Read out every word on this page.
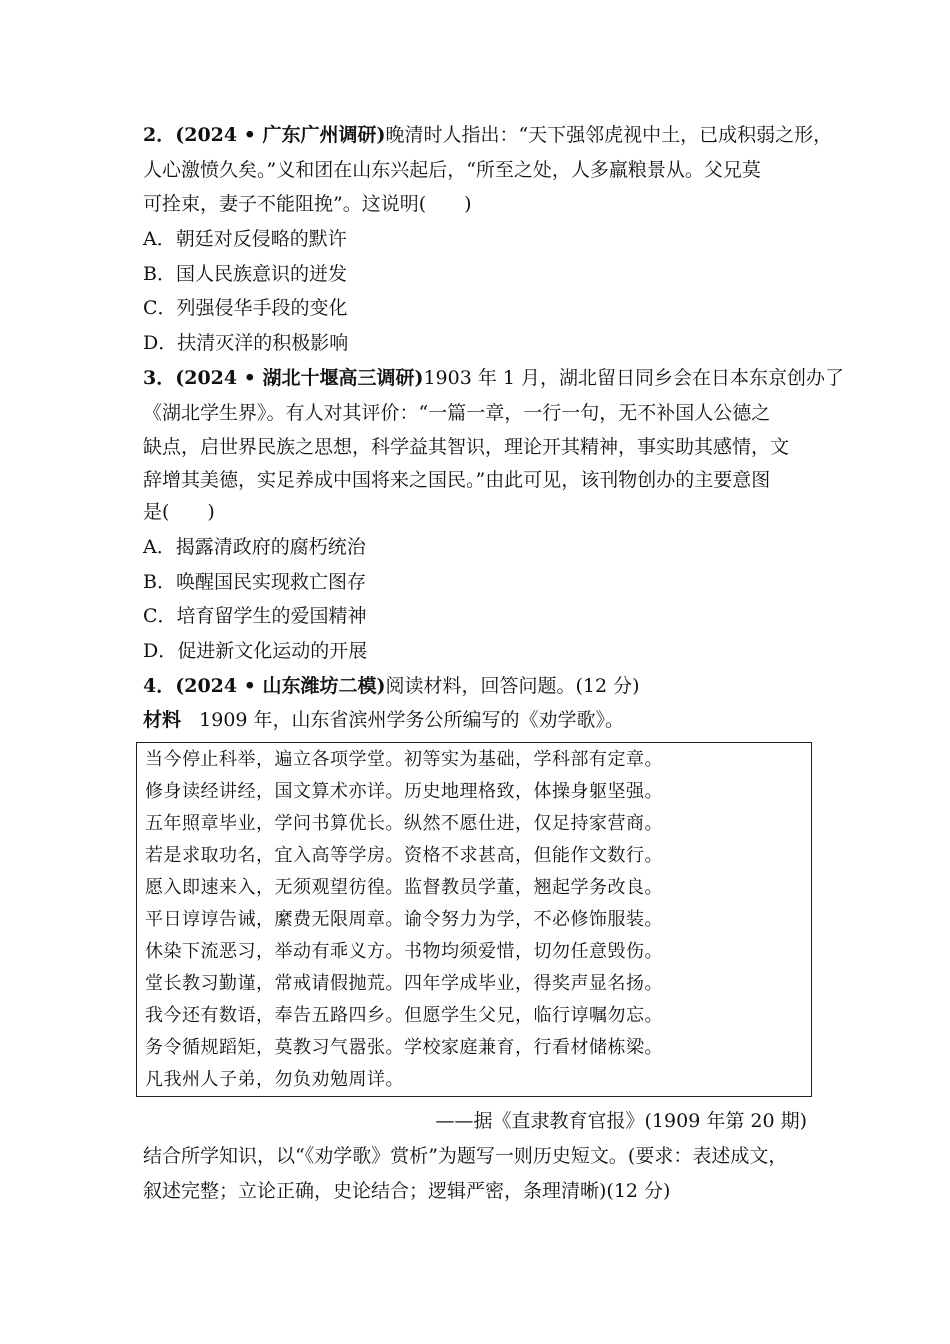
2．(2024 • 广东广州调研)晚清时人指出：“天下强邻虎视中土，已成积弱之形，
人心激愤久矣。”义和团在山东兴起后，“所至之处，人多羸粮景从。父兄莫
可拴束，妻子不能阻挽”。这说明(　　)
A．朝廷对反侵略的默许
B．国人民族意识的迸发
C．列强侵华手段的变化
D．扶清灭洋的积极影响
3．(2024 • 湖北十堰高三调研)1903 年 1 月，湖北留日同乡会在日本东京创办了
《湖北学生界》。有人对其评价：“一篇一章，一行一句，无不补国人公德之
缺点，启世界民族之思想，科学益其智识，理论开其精神，事实助其感情，文
辞增其美德，实足养成中国将来之国民。”由此可见，该刊物创办的主要意图
是(　　)
A．揭露清政府的腐朽统治
B．唤醒国民实现救亡图存
C．培育留学生的爱国精神
D．促进新文化运动的开展
4．(2024 • 山东潍坊二模)阅读材料，回答问题。(12 分)
材料 1909 年，山东省滨州学务公所编写的《劝学歌》。
当今停止科举，遍立各项学堂。初等实为基础，学科部有定章。
修身读经讲经，国文算术亦详。历史地理格致，体操身躯坚强。
五年照章毕业，学问书算优长。纵然不愿仕进，仅足持家营商。
若是求取功名，宜入高等学房。资格不求甚高，但能作文数行。
愿入即速来入，无须观望彷徨。监督教员学董，翘起学务改良。
平日谆谆告诫，縻费无限周章。谕令努力为学，不必修饰服装。
休染下流恶习，举动有乖义方。书物均须爱惜，切勿任意毁伤。
堂长教习勤谨，常戒请假抛荒。四年学成毕业，得奖声显名扬。
我今还有数语，奉告五路四乡。但愿学生父兄，临行谆嘱勿忘。
务令循规蹈矩，莫教习气嚣张。学校家庭兼育，行看材储栋梁。
凡我州人子弟，勿负劝勉周详。
——据《直隶教育官报》(1909 年第 20 期)
结合所学知识，以“《劝学歌》赏析”为题写一则历史短文。(要求：表述成文，
叙述完整；立论正确，史论结合；逻辑严密，条理清晰)(12 分)
